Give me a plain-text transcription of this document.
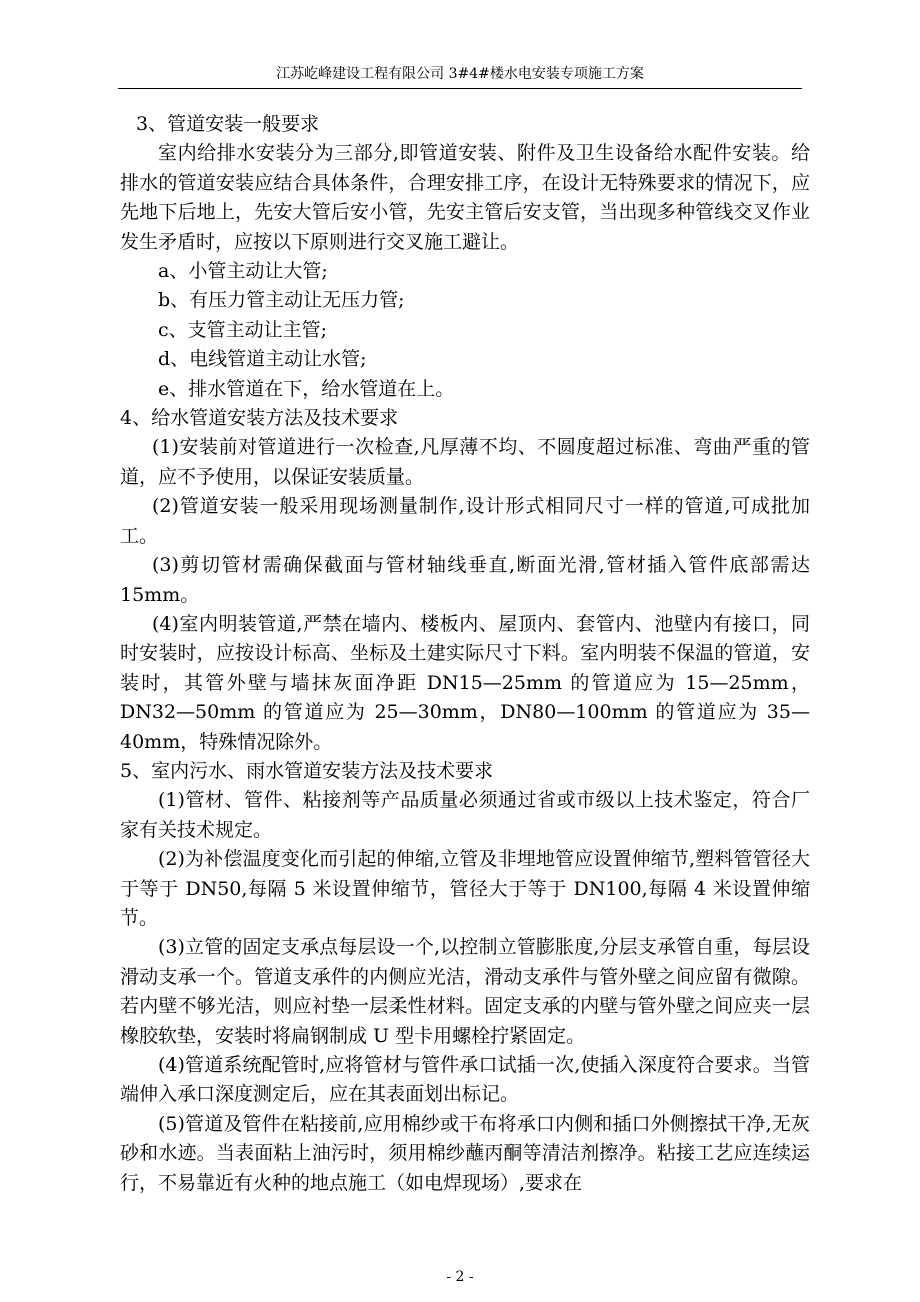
江苏屹峰建设工程有限公司 3#4#楼水电安装专项施工方案

3、管道安装一般要求

室内给排水安装分为三部分,即管道安装、附件及卫生设备给水配件安装。给排水的管道安装应结合具体条件，合理安排工序，在设计无特殊要求的情况下，应先地下后地上，先安大管后安小管，先安主管后安支管，当出现多种管线交叉作业发生矛盾时，应按以下原则进行交叉施工避让。

a、小管主动让大管;

b、有压力管主动让无压力管;

c、支管主动让主管;

d、电线管道主动让水管;

e、排水管道在下，给水管道在上。

4、给水管道安装方法及技术要求

(1)安装前对管道进行一次检查,凡厚薄不均、不圆度超过标准、弯曲严重的管道，应不予使用，以保证安装质量。

(2)管道安装一般采用现场测量制作,设计形式相同尺寸一样的管道,可成批加工。

(3)剪切管材需确保截面与管材轴线垂直,断面光滑,管材插入管件底部需达 15mm。

(4)室内明装管道,严禁在墙内、楼板内、屋顶内、套管内、池壁内有接口，同时安装时，应按设计标高、坐标及土建实际尺寸下料。室内明装不保温的管道，安装时，其管外壁与墙抹灰面净距 DN15—25mm 的管道应为 15—25mm，DN32—50mm 的管道应为 25—30mm，DN80—100mm 的管道应为 35—40mm，特殊情况除外。

5、室内污水、雨水管道安装方法及技术要求

(1)管材、管件、粘接剂等产品质量必须通过省或市级以上技术鉴定，符合厂家有关技术规定。

(2)为补偿温度变化而引起的伸缩,立管及非埋地管应设置伸缩节,塑料管管径大于等于 DN50,每隔 5 米设置伸缩节，管径大于等于 DN100,每隔 4 米设置伸缩节。

(3)立管的固定支承点每层设一个,以控制立管膨胀度,分层支承管自重，每层设滑动支承一个。管道支承件的内侧应光洁，滑动支承件与管外壁之间应留有微隙。若内壁不够光洁，则应衬垫一层柔性材料。固定支承的内壁与管外壁之间应夹一层橡胶软垫，安装时将扁钢制成 U 型卡用螺栓拧紧固定。

(4)管道系统配管时,应将管材与管件承口试插一次,使插入深度符合要求。当管端伸入承口深度测定后，应在其表面划出标记。

(5)管道及管件在粘接前,应用棉纱或干布将承口内侧和插口外侧擦拭干净,无灰砂和水迹。当表面粘上油污时，须用棉纱蘸丙酮等清洁剂擦净。粘接工艺应连续运行，不易靠近有火种的地点施工（如电焊现场）,要求在

- 2 -
